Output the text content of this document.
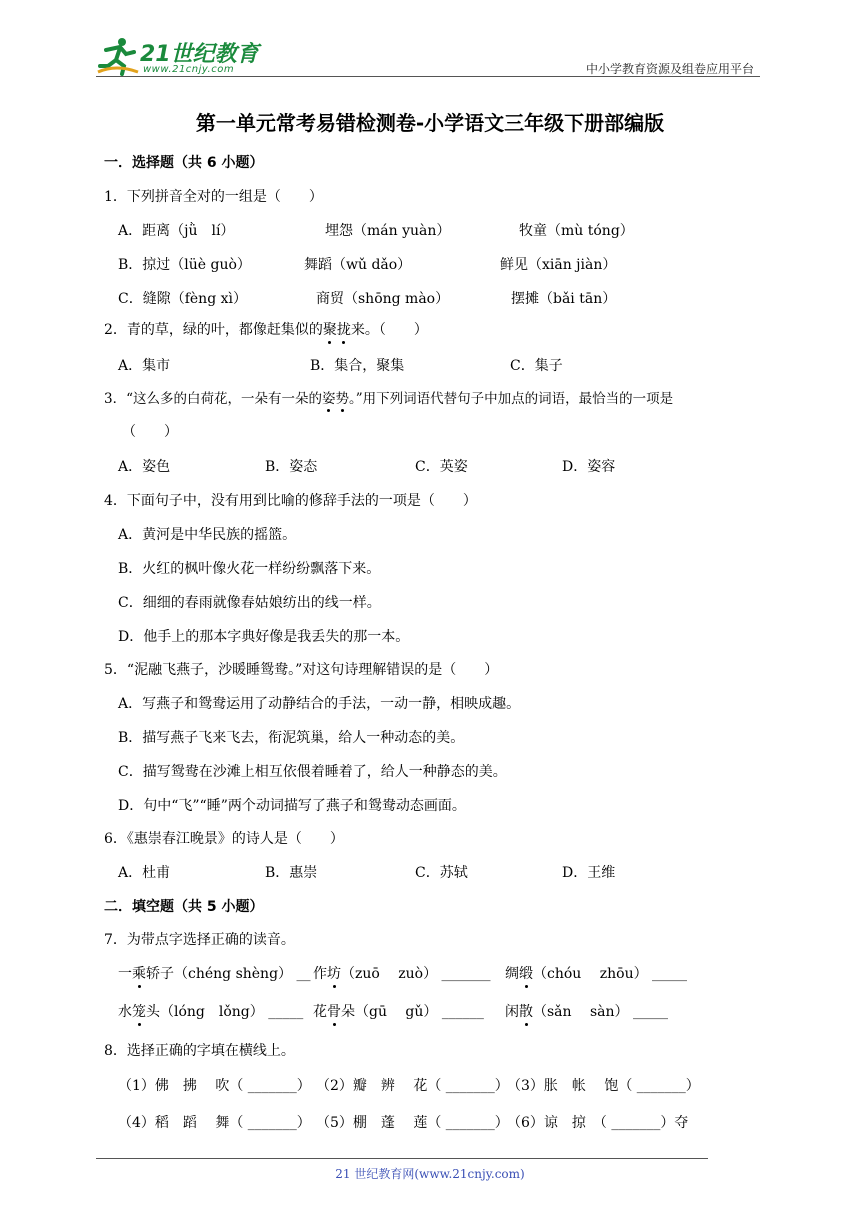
21世纪教育
www.21cnjy.com	中小学教育资源及组卷应用平台
第一单元常考易错检测卷-小学语文三年级下册部编版
一．选择题（共 6 小题）
1．下列拼音全对的一组是（　　）
A．距离（jǜ　lí）	埋怨（mán yuàn）	牧童（mù tóng）
B．掠过（lüè guò）	舞蹈（wǔ dǎo）	鲜见（xiān jiàn）
C．缝隙（fèng xì）	商贸（shōng mào）	摆摊（bǎi tān）
2．青的草，绿的叶，都像赶集似的聚拢来。（　　）
A．集市	B．集合，聚集	C．集子
3．“这么多的白荷花，一朵有一朵的姿势。”用下列词语代替句子中加点的词语，最恰当的一项是
（　　）
A．姿色	B．姿态	C．英姿	D．姿容
4．下面句子中，没有用到比喻的修辞手法的一项是（　　）
A．黄河是中华民族的摇篮。
B．火红的枫叶像火花一样纷纷飘落下来。
C．细细的春雨就像春姑娘纺出的线一样。
D．他手上的那本字典好像是我丢失的那一本。
5．“泥融飞燕子，沙暖睡鸳鸯。”对这句诗理解错误的是（　　）
A．写燕子和鸳鸯运用了动静结合的手法，一动一静，相映成趣。
B．描写燕子飞来飞去，衔泥筑巢，给人一种动态的美。
C．描写鸳鸯在沙滩上相互依偎着睡着了，给人一种静态的美。
D．句中“飞”“睡”两个动词描写了燕子和鸳鸯动态画面。
6．《惠崇春江晚景》的诗人是（　　）
A．杜甫	B．惠崇	C．苏轼	D．王维
二．填空题（共 5 小题）
7．为带点字选择正确的读音。
一乘轿子（chéng shèng） __ 作坊（zuō　 zuò） _______ 绸缎（chóu　 zhōu） _____
水笼头（lóng　lǒng） _____ 花骨朵（gū　 gǔ） ______ 闲散（sǎn　 sàn） _____
8．选择正确的字填在横线上。
（1）佛　拂　 吹（ _______） （2）瓣　辨　 花（ _______）
（3）胀　帐　 饱（ _______）
（4）稻　蹈　 舞（ _______） （5）棚　蓬　 莲（ _______）
（6）谅　掠　（ _______）夺
21 世纪教育网(www.21cnjy.com)
